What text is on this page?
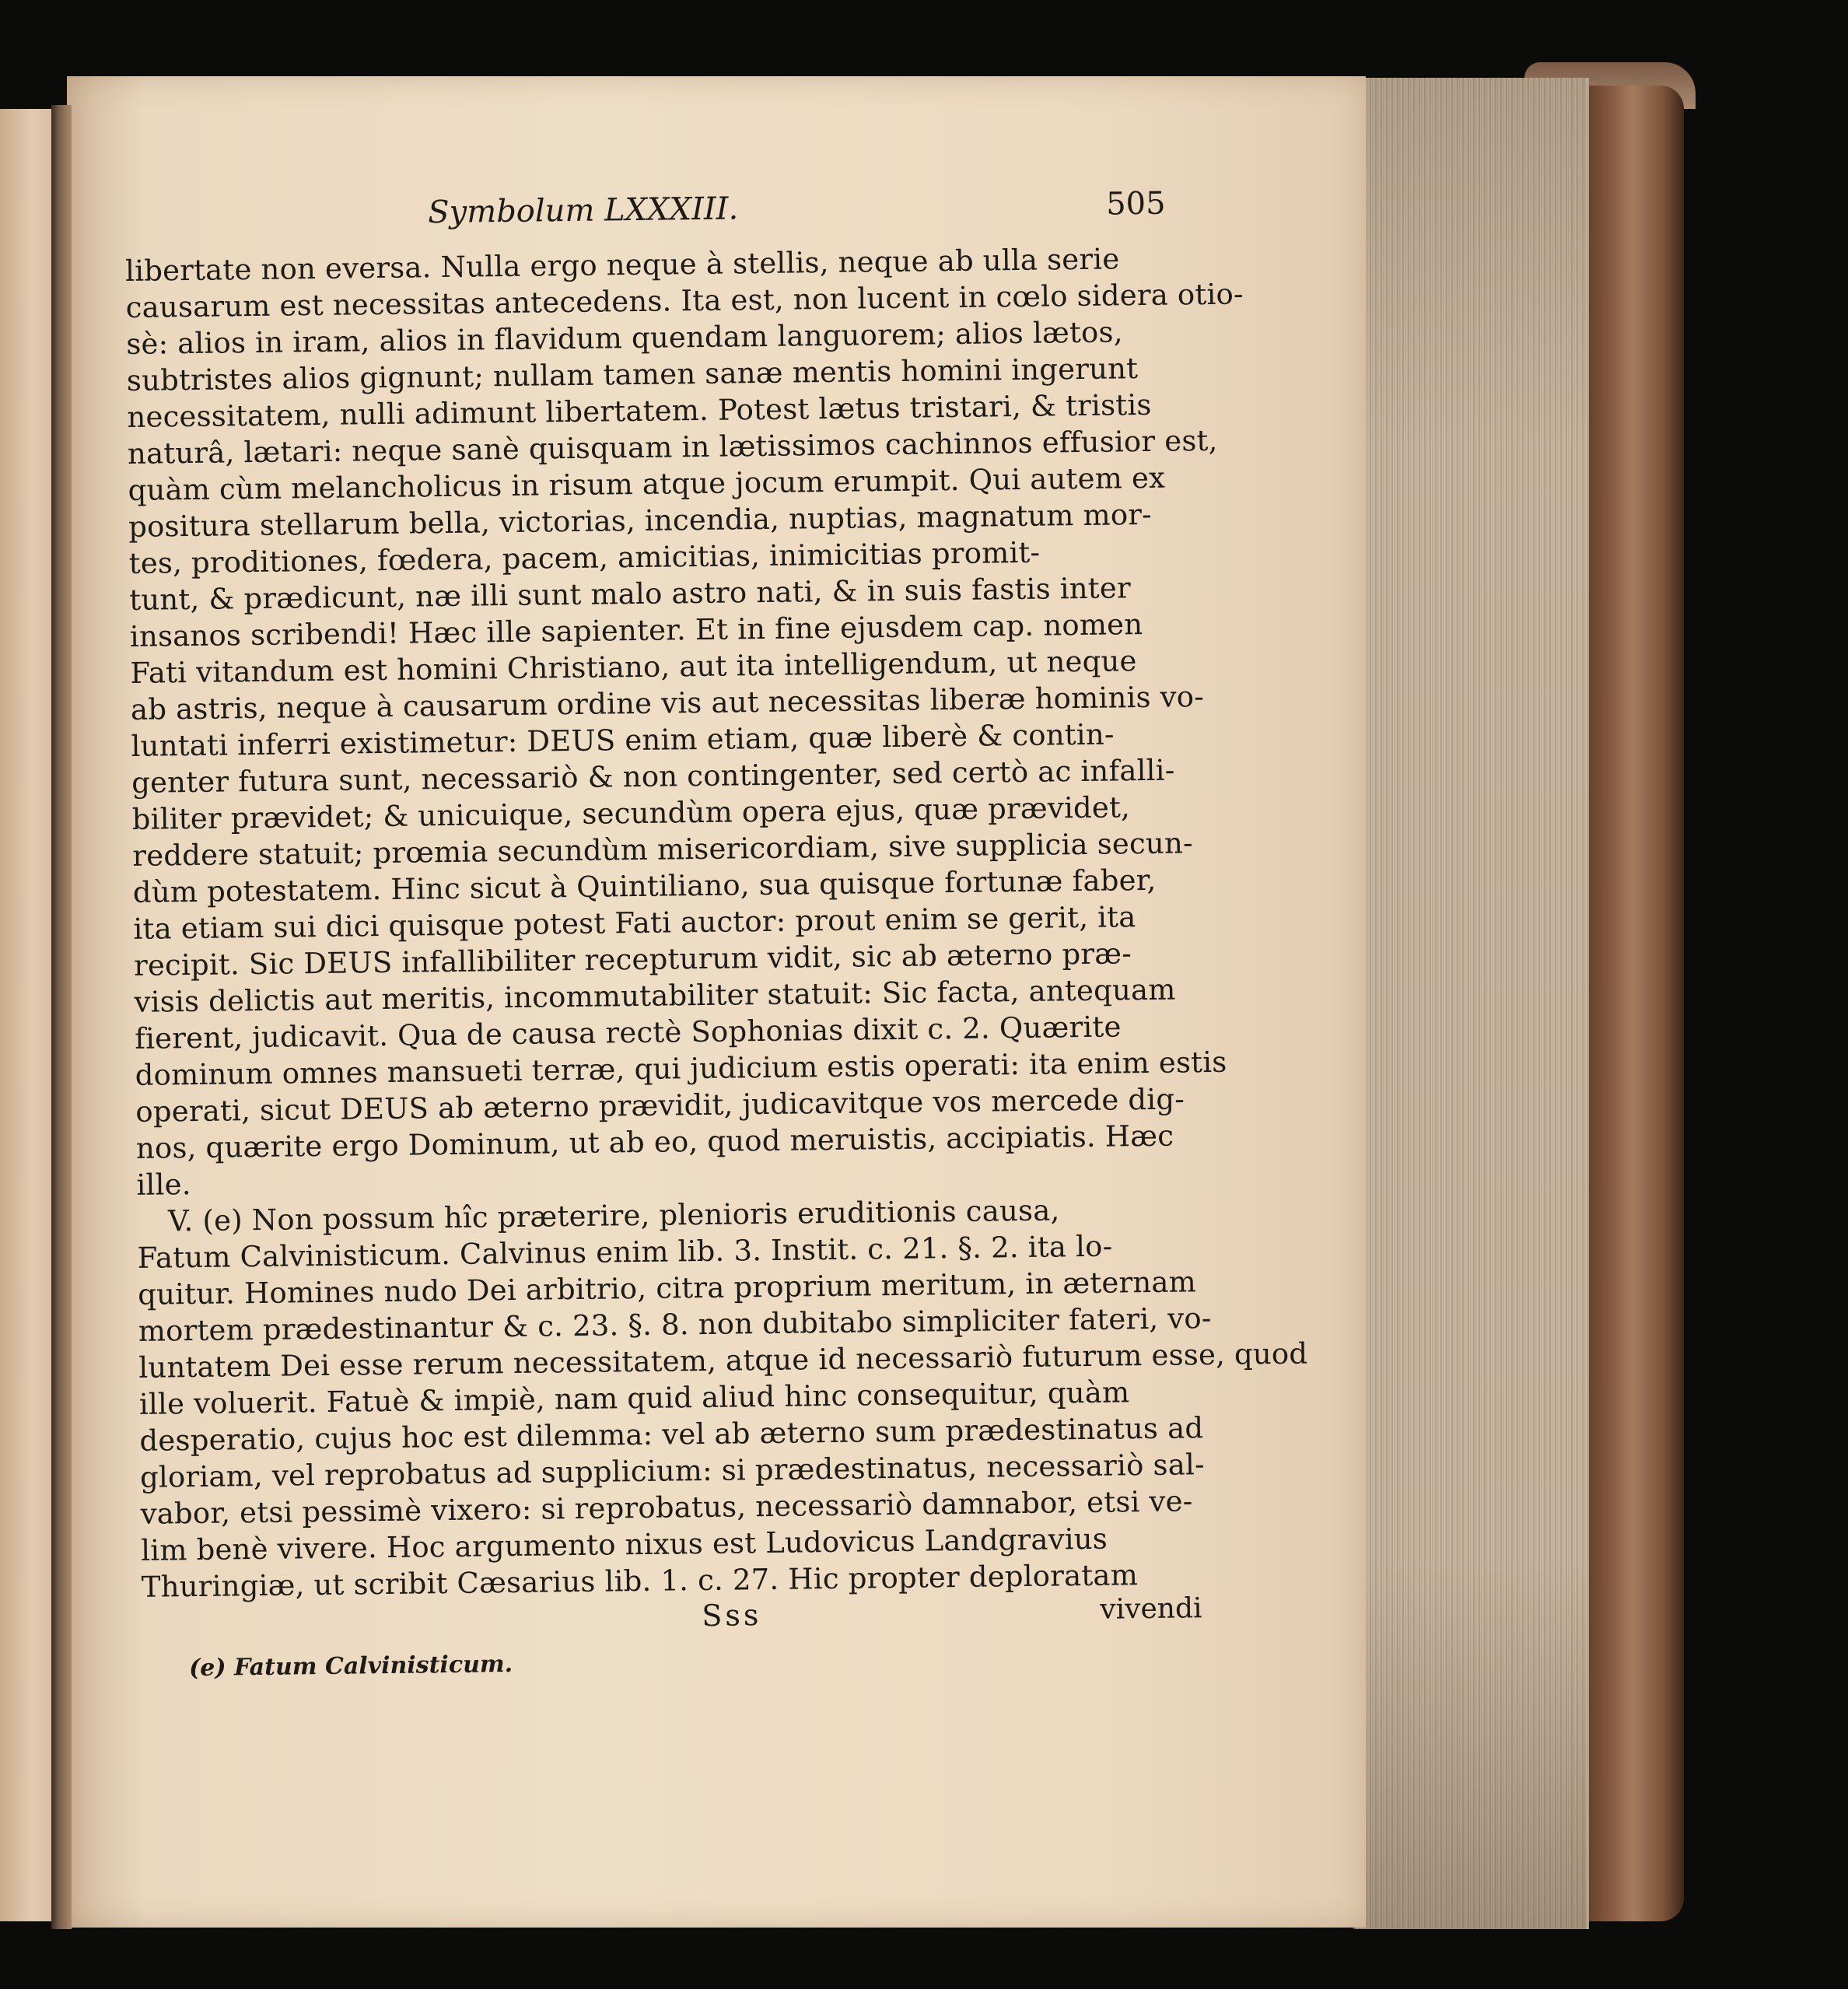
Symbolum LXXXIII.	505
libertate non eversa. Nulla ergo neque à stellis, neque ab ulla serie
causarum est necessitas antecedens. Ita est, non lucent in cœlo sidera otio-
sè: alios in iram, alios in flavidum quendam languorem; alios lætos,
subtristes alios gignunt; nullam tamen sanæ mentis homini ingerunt
necessitatem, nulli adimunt libertatem. Potest lætus tristari, & tristis
naturâ, lætari: neque sanè quisquam in lætissimos cachinnos effusior est,
quàm cùm melancholicus in risum atque jocum erumpit. Qui autem ex
positura stellarum bella, victorias, incendia, nuptias, magnatum mor-
tes, proditiones, fœdera, pacem, amicitias, inimicitias promit-
tunt, & prædicunt, næ illi sunt malo astro nati, & in suis fastis inter
insanos scribendi! Hæc ille sapienter. Et in fine ejusdem cap. nomen
Fati vitandum est homini Christiano, aut ita intelligendum, ut neque
ab astris, neque à causarum ordine vis aut necessitas liberæ hominis vo-
luntati inferri existimetur: DEUS enim etiam, quæ liberè & contin-
genter futura sunt, necessariò & non contingenter, sed certò ac infalli-
biliter prævidet; & unicuique, secundùm opera ejus, quæ prævidet,
reddere statuit; prœmia secundùm misericordiam, sive supplicia secun-
dùm potestatem. Hinc sicut à Quintiliano, sua quisque fortunæ faber,
ita etiam sui dici quisque potest Fati auctor: prout enim se gerit, ita
recipit. Sic DEUS infallibiliter recepturum vidit, sic ab æterno præ-
visis delictis aut meritis, incommutabiliter statuit: Sic facta, antequam
fierent, judicavit. Qua de causa rectè Sophonias dixit c. 2. Quærite
dominum omnes mansueti terræ, qui judicium estis operati: ita enim estis
operati, sicut DEUS ab æterno prævidit, judicavitque vos mercede dig-
nos, quærite ergo Dominum, ut ab eo, quod meruistis, accipiatis. Hæc
ille.
V. (e) Non possum hîc præterire, plenioris eruditionis causa,
Fatum Calvinisticum. Calvinus enim lib. 3. Instit. c. 21. §. 2. ita lo-
quitur. Homines nudo Dei arbitrio, citra proprium meritum, in æternam
mortem prædestinantur & c. 23. §. 8. non dubitabo simpliciter fateri, vo-
luntatem Dei esse rerum necessitatem, atque id necessariò futurum esse, quod
ille voluerit. Fatuè & impiè, nam quid aliud hinc consequitur, quàm
desperatio, cujus hoc est dilemma: vel ab æterno sum prædestinatus ad
gloriam, vel reprobatus ad supplicium: si prædestinatus, necessariò sal-
vabor, etsi pessimè vixero: si reprobatus, necessariò damnabor, etsi ve-
lim benè vivere. Hoc argumento nixus est Ludovicus Landgravius
Thuringiæ, ut scribit Cæsarius lib. 1. c. 27. Hic propter deploratam
Sss	vivendi
(e) Fatum Calvinisticum.
